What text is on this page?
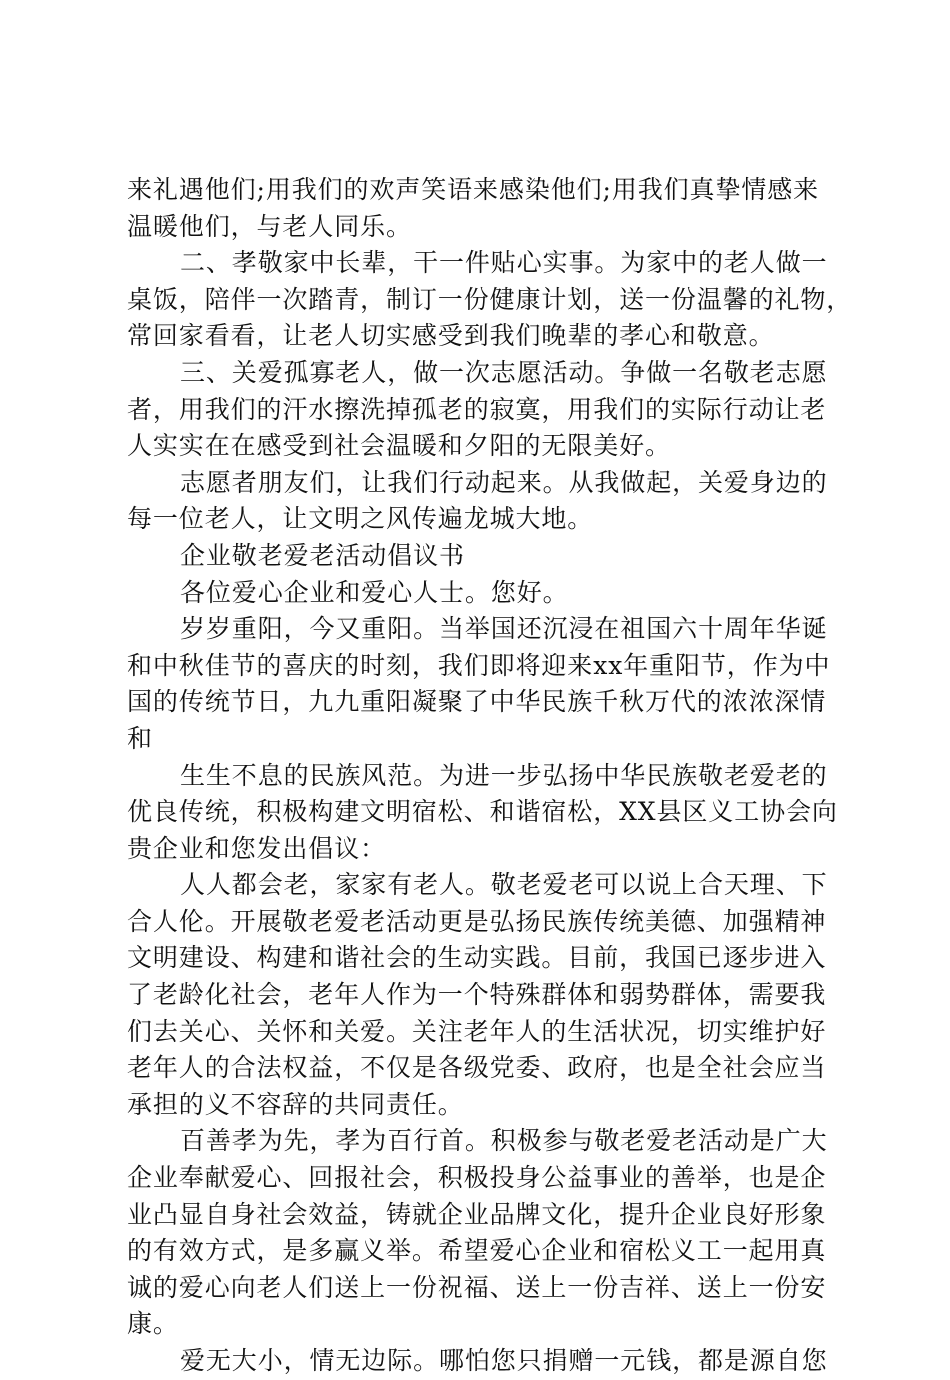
来礼遇他们;用我们的欢声笑语来感染他们;用我们真挚情感来
温暖他们，与老人同乐。
二、孝敬家中长辈，干一件贴心实事。为家中的老人做一
桌饭，陪伴一次踏青，制订一份健康计划，送一份温馨的礼物，
常回家看看，让老人切实感受到我们晚辈的孝心和敬意。
三、关爱孤寡老人，做一次志愿活动。争做一名敬老志愿
者，用我们的汗水擦洗掉孤老的寂寞，用我们的实际行动让老
人实实在在感受到社会温暖和夕阳的无限美好。
志愿者朋友们，让我们行动起来。从我做起，关爱身边的
每一位老人，让文明之风传遍龙城大地。
企业敬老爱老活动倡议书
各位爱心企业和爱心人士。您好。
岁岁重阳，今又重阳。当举国还沉浸在祖国六十周年华诞
和中秋佳节的喜庆的时刻，我们即将迎来xx年重阳节，作为中
国的传统节日，九九重阳凝聚了中华民族千秋万代的浓浓深情
和
生生不息的民族风范。为进一步弘扬中华民族敬老爱老的
优良传统，积极构建文明宿松、和谐宿松，XX县区义工协会向
贵企业和您发出倡议：
人人都会老，家家有老人。敬老爱老可以说上合天理、下
合人伦。开展敬老爱老活动更是弘扬民族传统美德、加强精神
文明建设、构建和谐社会的生动实践。目前，我国已逐步进入
了老龄化社会，老年人作为一个特殊群体和弱势群体，需要我
们去关心、关怀和关爱。关注老年人的生活状况，切实维护好
老年人的合法权益，不仅是各级党委、政府，也是全社会应当
承担的义不容辞的共同责任。
百善孝为先，孝为百行首。积极参与敬老爱老活动是广大
企业奉献爱心、回报社会，积极投身公益事业的善举，也是企
业凸显自身社会效益，铸就企业品牌文化，提升企业良好形象
的有效方式，是多赢义举。希望爱心企业和宿松义工一起用真
诚的爱心向老人们送上一份祝福、送上一份吉祥、送上一份安
康。
爱无大小，情无边际。哪怕您只捐赠一元钱，都是源自您
